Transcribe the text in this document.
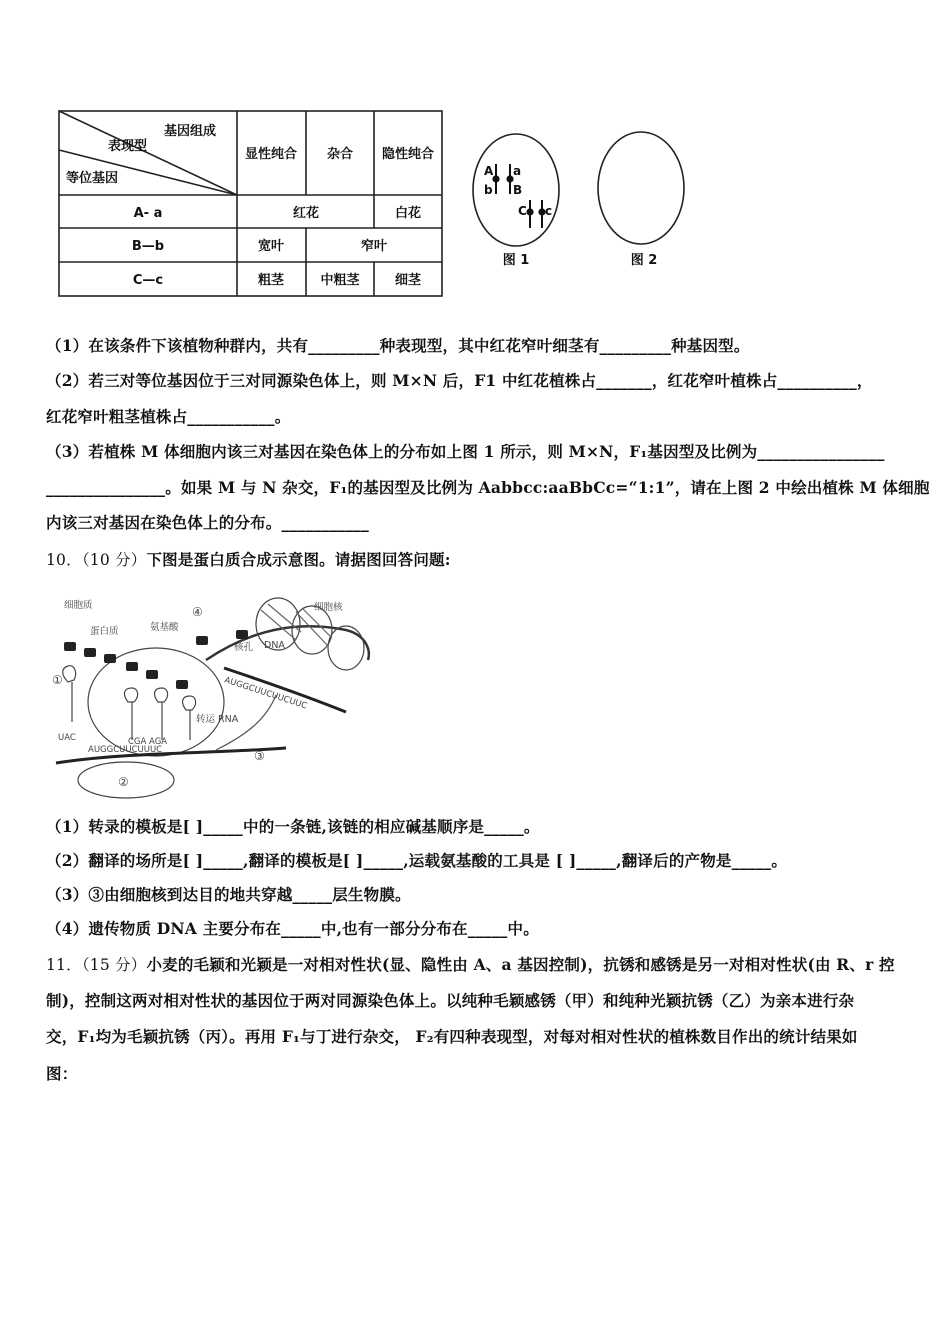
基因组成
表现型
等位基因
显性纯合 杂合 隐性纯合
A- a	红花	白花
B—b	宽叶	窄叶
C—c	粗茎	中粗茎	细茎
A a
b B
C c
图 1	图 2
（1）在该条件下该植物种群内，共有_________种表现型，其中红花窄叶细茎有_________种基因型。
（2）若三对等位基因位于三对同源染色体上，则 M×N 后，F1 中红花植株占_______，红花窄叶植株占__________，
红花窄叶粗茎植株占___________。
（3）若植株 M 体细胞内该三对基因在染色体上的分布如上图 1 所示，则 M×N，F₁基因型及比例为________________
_______________。如果 M 与 N 杂交，F₁的基因型及比例为 Aabbcc:aaBbCc=“1:1”，请在上图 2 中绘出植株 M 体细胞
内该三对基因在染色体上的分布。___________
10．（10 分）下图是蛋白质合成示意图。请据图回答问题:
细胞质	细胞核
蛋白质	氨基酸
核孔 DNA
转运 RNA
AUGGCUUCUUCUUC
AUGGCUUCUUUC
UAC	CGA AGA
①
②
③
④
（1）转录的模板是[ ]_____中的一条链,该链的相应碱基顺序是_____。
（2）翻译的场所是[ ]_____,翻译的模板是[ ]_____,运载氨基酸的工具是 [ ]_____,翻译后的产物是_____。
（3）③由细胞核到达目的地共穿越_____层生物膜。
（4）遗传物质 DNA 主要分布在_____中,也有一部分分布在_____中。
11．（15 分）小麦的毛颖和光颖是一对相对性状(显、隐性由 A、a 基因控制)，抗锈和感锈是另一对相对性状(由 R、r 控
制)，控制这两对相对性状的基因位于两对同源染色体上。以纯种毛颖感锈（甲）和纯种光颖抗锈（乙）为亲本进行杂
交，F₁均为毛颖抗锈（丙）。再用 F₁与丁进行杂交， F₂有四种表现型，对每对相对性状的植株数目作出的统计结果如
图：
